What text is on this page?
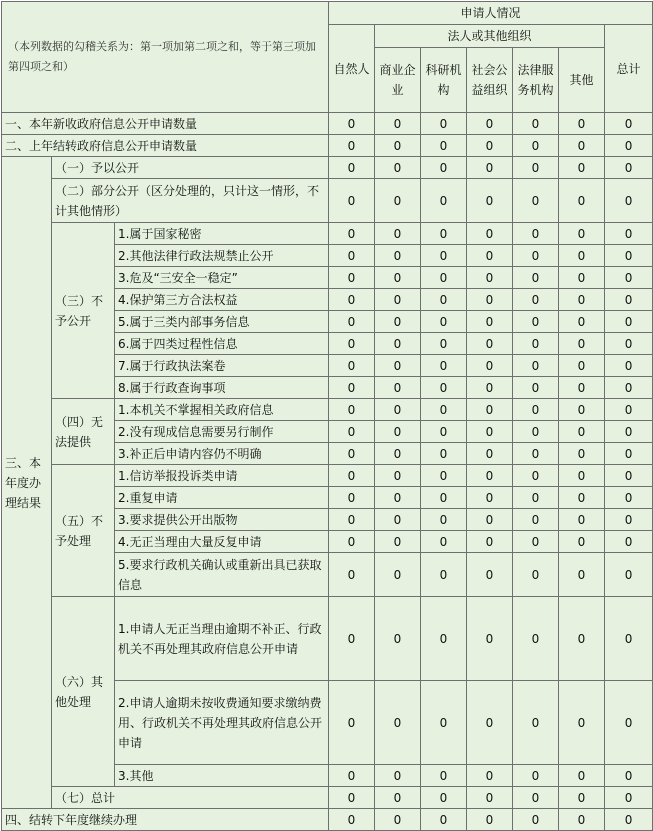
（本列数据的勾稽关系为：第一项加第二项之和，等于第三项加第四项之和）			申请人情况						
			自然人	法人或其他组织					总计
				商业企业	科研机构	社会公益组织	法律服务机构	其他	
一、本年新收政府信息公开申请数量			0	0	0	0	0	0	0
二、上年结转政府信息公开申请数量			0	0	0	0	0	0	0
三、本年度办理结果	（一）予以公开		0	0	0	0	0	0	0
	（二）部分公开（区分处理的，只计这一情形，不计其他情形）		0	0	0	0	0	0	0
	（三）不予公开	1.属于国家秘密	0	0	0	0	0	0	0
		2.其他法律行政法规禁止公开	0	0	0	0	0	0	0
		3.危及“三安全一稳定”	0	0	0	0	0	0	0
		4.保护第三方合法权益	0	0	0	0	0	0	0
		5.属于三类内部事务信息	0	0	0	0	0	0	0
		6.属于四类过程性信息	0	0	0	0	0	0	0
		7.属于行政执法案卷	0	0	0	0	0	0	0
		8.属于行政查询事项	0	0	0	0	0	0	0
	（四）无法提供	1.本机关不掌握相关政府信息	0	0	0	0	0	0	0
		2.没有现成信息需要另行制作	0	0	0	0	0	0	0
		3.补正后申请内容仍不明确	0	0	0	0	0	0	0
	（五）不予处理	1.信访举报投诉类申请	0	0	0	0	0	0	0
		2.重复申请	0	0	0	0	0	0	0
		3.要求提供公开出版物	0	0	0	0	0	0	0
		4.无正当理由大量反复申请	0	0	0	0	0	0	0
		5.要求行政机关确认或重新出具已获取信息	0	0	0	0	0	0	0
	（六）其他处理	1.申请人无正当理由逾期不补正、行政机关不再处理其政府信息公开申请	0	0	0	0	0	0	0
		2.申请人逾期未按收费通知要求缴纳费用、行政机关不再处理其政府信息公开申请	0	0	0	0	0	0	0
		3.其他	0	0	0	0	0	0	0
	（七）总计		0	0	0	0	0	0	0
四、结转下年度继续办理			0	0	0	0	0	0	0
